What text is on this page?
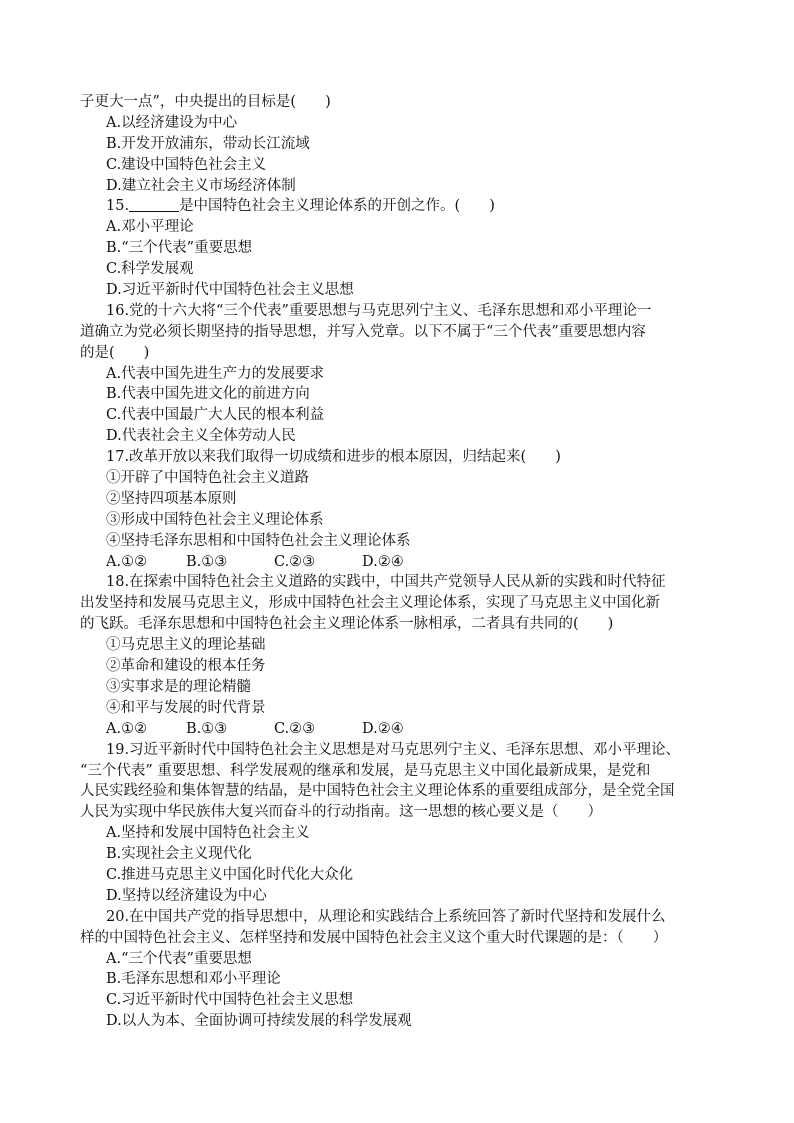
子更大一点”，中央提出的目标是(　　)
A.以经济建设为中心
B.开发开放浦东，带动长江流域
C.建设中国特色社会主义
D.建立社会主义市场经济体制
15.	是中国特色社会主义理论体系的开创之作。(　　)
A.邓小平理论
B.“三个代表”重要思想
C.科学发展观
D.习近平新时代中国特色社会主义思想
16.党的十六大将“三个代表”重要思想与马克思列宁主义、毛泽东思想和邓小平理论一
道确立为党必须长期坚持的指导思想，并写入党章。以下不属于“三个代表”重要思想内容
的是(　　)
A.代表中国先进生产力的发展要求
B.代表中国先进文化的前进方向
C.代表中国最广大人民的根本利益
D.代表社会主义全体劳动人民
17.改革开放以来我们取得一切成绩和进步的根本原因，归结起来(　　)
①开辟了中国特色社会主义道路
②坚持四项基本原则
③形成中国特色社会主义理论体系
④坚持毛泽东思相和中国特色社会主义理论体系
A.①②	B.①③	C.②③	D.②④
18.在探索中国特色社会主义道路的实践中，中国共产党领导人民从新的实践和时代特征
出发坚持和发展马克思主义，形成中国特色社会主义理论体系，实现了马克思主义中国化新
的飞跃。毛泽东思想和中国特色社会主义理论体系一脉相承，二者具有共同的(　　)
①马克思主义的理论基础
②革命和建设的根本任务
③实事求是的理论精髓
④和平与发展的时代背景
A.①②	B.①③	C.②③	D.②④
19.习近平新时代中国特色社会主义思想是对马克思列宁主义、毛泽东思想、邓小平理论、
“三个代表” 重要思想、科学发展观的继承和发展，是马克思主义中国化最新成果，是党和
人民实践经验和集体智慧的结晶，是中国特色社会主义理论体系的重要组成部分，是全党全国
人民为实现中华民族伟大复兴而奋斗的行动指南。这一思想的核心要义是（　　）
A.坚持和发展中国特色社会主义
B.实现社会主义现代化
C.推进马克思主义中国化时代化大众化
D.坚持以经济建设为中心
20.在中国共产党的指导思想中，从理论和实践结合上系统回答了新时代坚持和发展什么
样的中国特色社会主义、怎样坚持和发展中国特色社会主义这个重大时代课题的是：（　　）
A.“三个代表”重要思想
B.毛泽东思想和邓小平理论
C.习近平新时代中国特色社会主义思想
D.以人为本、全面协调可持续发展的科学发展观
